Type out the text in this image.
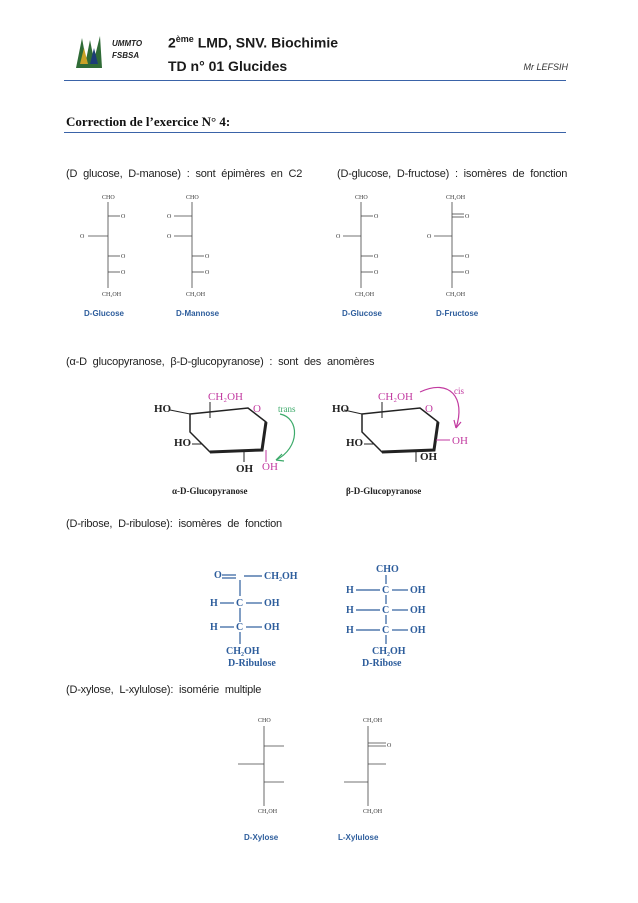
UMMTO
FSBSA
2ème LMD, SNV. Biochimie
TD n° 01 Glucides	Mr LEFSIH
Correction de l’exercice N° 4:
(D glucose, D-manose) : sont épimères en C2	(D-glucose, D-fructose) : isomères de fonction
CHO
O
O
O
O
CH₂OH
D-Glucose
CHO
O
O
O
O
CH₂OH
D-Mannose
CHO
O
O
O
O
CH₂OH
D-Glucose
CH₂OH
O
O
O
O
CH₂OH
D-Fructose
(α-D glucopyranose, β-D-glucopyranose) : sont des anomères
CH₂OH
O
HO
HO
OH OH
trans
α-D-Glucopyranose
CH₂OH
O
HO
HO
OH
OH
cis
β-D-Glucopyranose
(D-ribose, D-ribulose): isomères de fonction
O	CH₂OH
H C OH
H C OH
CH₂OH
D-Ribulose
CHO
H	C OH
H	C OH
H	C OH
CH₂OH
D-Ribose
(D-xylose, L-xylulose): isomérie multiple
CHO
CH₂OH
D-Xylose
CH₂OH
O
CH₂OH
L-Xylulose
